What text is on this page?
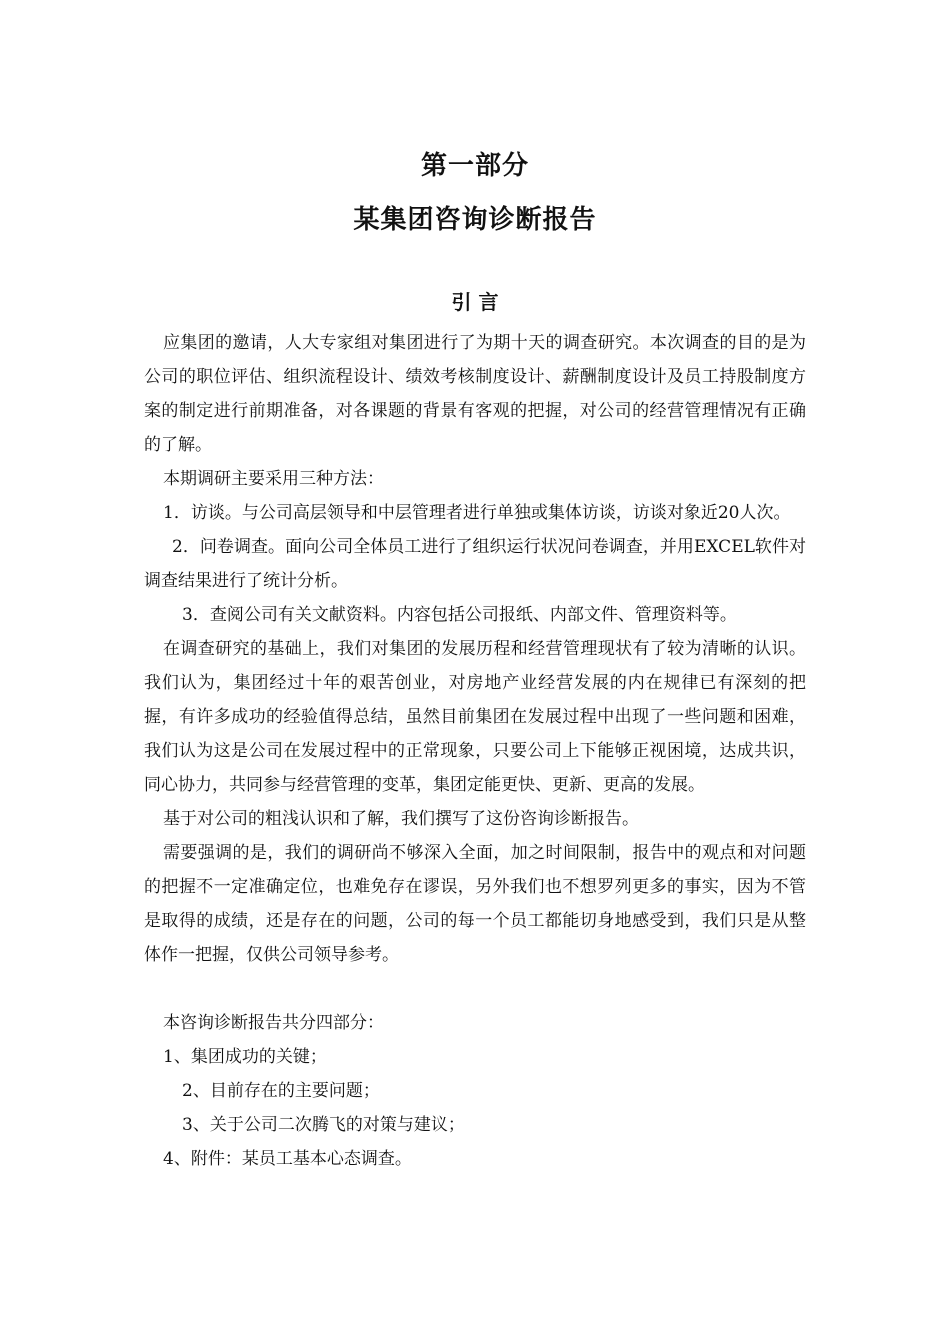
第一部分
某集团咨询诊断报告
引 言

应集团的邀请，人大专家组对集团进行了为期十天的调查研究。本次调查的目的是为公司的职位评估、组织流程设计、绩效考核制度设计、薪酬制度设计及员工持股制度方案的制定进行前期准备，对各课题的背景有客观的把握，对公司的经营管理情况有正确的了解。

本期调研主要采用三种方法：

1．访谈。与公司高层领导和中层管理者进行单独或集体访谈，访谈对象近20人次。

2．问卷调查。面向公司全体员工进行了组织运行状况问卷调查，并用EXCEL软件对调查结果进行了统计分析。

3．查阅公司有关文献资料。内容包括公司报纸、内部文件、管理资料等。

在调查研究的基础上，我们对集团的发展历程和经营管理现状有了较为清晰的认识。我们认为，集团经过十年的艰苦创业，对房地产业经营发展的内在规律已有深刻的把握，有许多成功的经验值得总结，虽然目前集团在发展过程中出现了一些问题和困难，我们认为这是公司在发展过程中的正常现象，只要公司上下能够正视困境，达成共识，同心协力，共同参与经营管理的变革，集团定能更快、更新、更高的发展。

基于对公司的粗浅认识和了解，我们撰写了这份咨询诊断报告。

需要强调的是，我们的调研尚不够深入全面，加之时间限制，报告中的观点和对问题的把握不一定准确定位，也难免存在谬误，另外我们也不想罗列更多的事实，因为不管是取得的成绩，还是存在的问题，公司的每一个员工都能切身地感受到，我们只是从整体作一把握，仅供公司领导参考。

本咨询诊断报告共分四部分：

1、集团成功的关键；

2、目前存在的主要问题；

3、关于公司二次腾飞的对策与建议；

4、附件：某员工基本心态调查。
